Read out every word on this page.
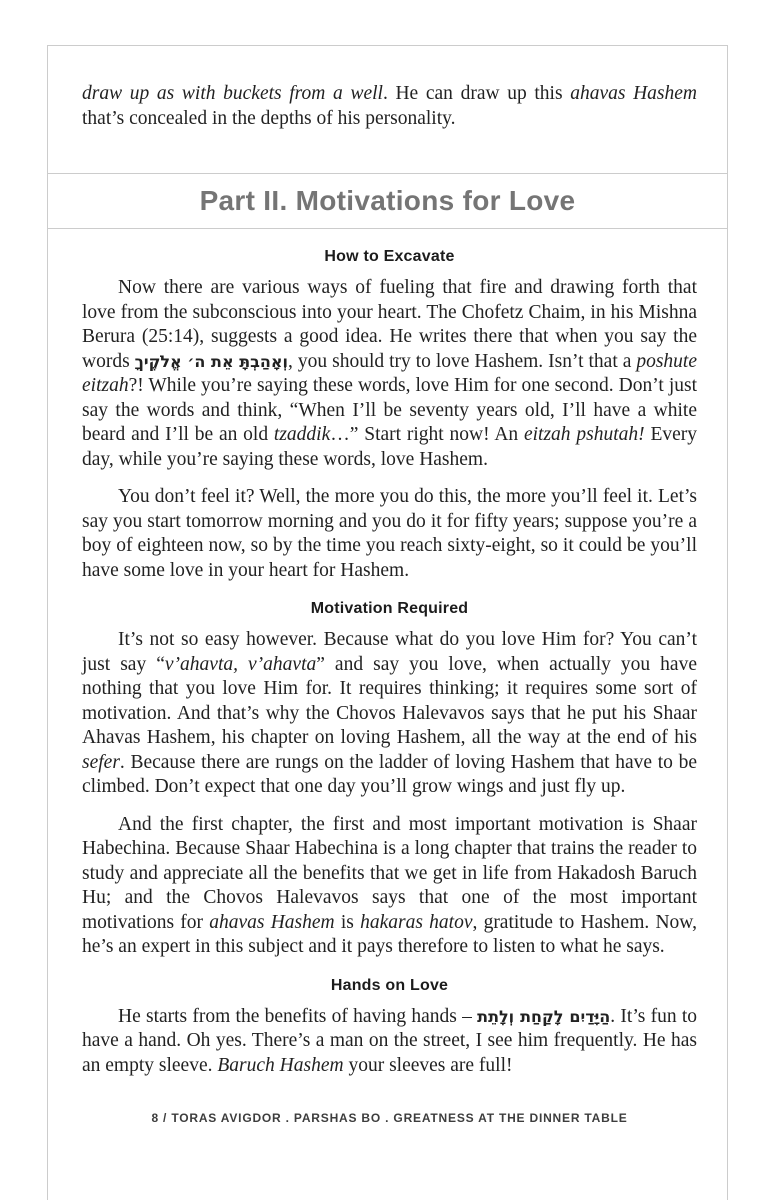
draw up as with buckets from a well. He can draw up this ahavas Hashem that’s concealed in the depths of his personality.

Part II. Motivations for Love
How to Excavate

Now there are various ways of fueling that fire and drawing forth that love from the subconscious into your heart. The Chofetz Chaim, in his Mishna Berura (25:14), suggests a good idea. He writes there that when you say the words וְאָהַבְתָּ אֵת ה׳ אֱלֹקֶיךָ, you should try to love Hashem. Isn’t that a poshute eitzah?! While you’re saying these words, love Him for one second. Don’t just say the words and think, “When I’ll be seventy years old, I’ll have a white beard and I’ll be an old tzaddik…” Start right now! An eitzah pshutah! Every day, while you’re saying these words, love Hashem.

You don’t feel it? Well, the more you do this, the more you’ll feel it. Let’s say you start tomorrow morning and you do it for fifty years; suppose you’re a boy of eighteen now, so by the time you reach sixty-eight, so it could be you’ll have some love in your heart for Hashem.

Motivation Required

It’s not so easy however. Because what do you love Him for? You can’t just say “v’ahavta, v’ahavta” and say you love, when actually you have nothing that you love Him for. It requires thinking; it requires some sort of motivation. And that’s why the Chovos Halevavos says that he put his Shaar Ahavas Hashem, his chapter on loving Hashem, all the way at the end of his sefer. Because there are rungs on the ladder of loving Hashem that have to be climbed. Don’t expect that one day you’ll grow wings and just fly up.

And the first chapter, the first and most important motivation is Shaar Habechina. Because Shaar Habechina is a long chapter that trains the reader to study and appreciate all the benefits that we get in life from Hakadosh Baruch Hu; and the Chovos Halevavos says that one of the most important motivations for ahavas Hashem is hakaras hatov, gratitude to Hashem. Now, he’s an expert in this subject and it pays therefore to listen to what he says.

Hands on Love

He starts from the benefits of having hands – הַיָּדַיִם לָקַחַת וְלָתֵת. It’s fun to have a hand. Oh yes. There’s a man on the street, I see him frequently. He has an empty sleeve. Baruch Hashem your sleeves are full!

8 / TORAS AVIGDOR . PARSHAS BO . GREATNESS AT THE DINNER TABLE
